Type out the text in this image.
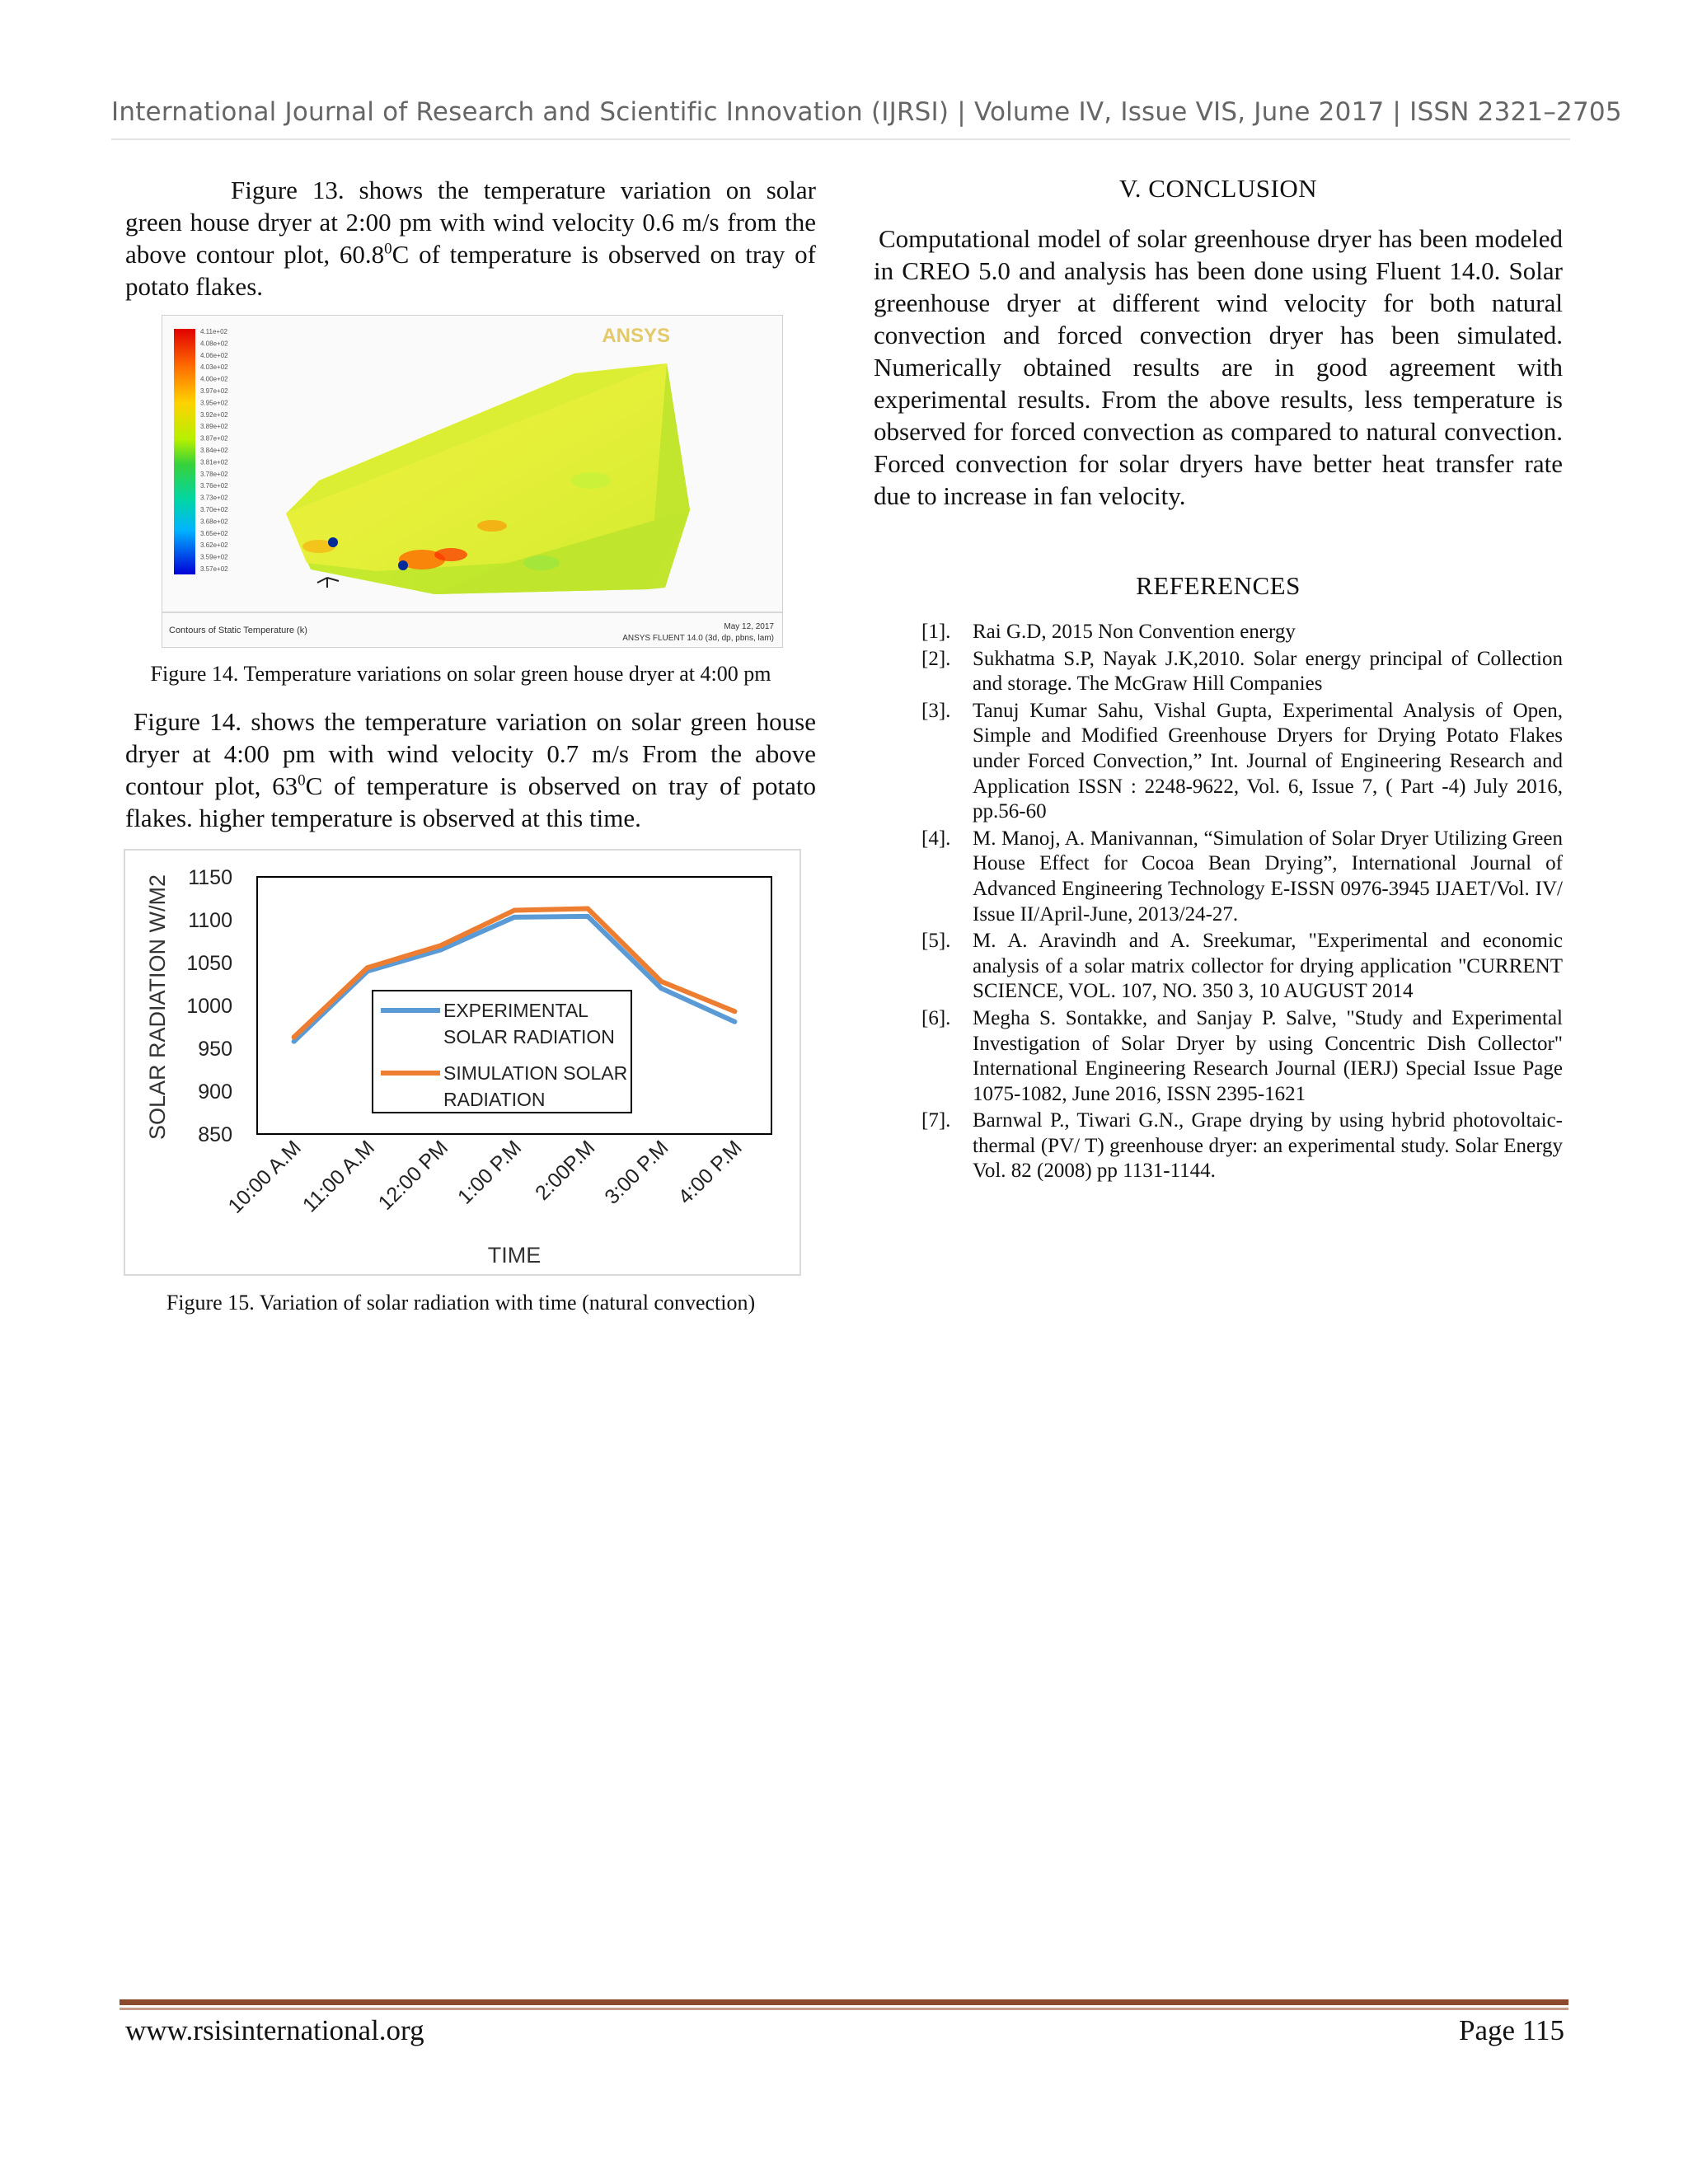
International Journal of Research and Scientific Innovation (IJRSI) | Volume IV, Issue VIS, June 2017 | ISSN 2321–2705

Figure 13. shows the temperature variation on solar green house dryer at 2:00 pm with wind velocity 0.6 m/s from the above contour plot, 60.8$^0$C of temperature is observed on tray of potato flakes.

4.11e+02
4.08e+02
4.06e+02
4.03e+02
4.00e+02
3.97e+02
3.95e+02
3.92e+02
3.89e+02
3.87e+02
3.84e+02
3.81e+02
3.78e+02
3.76e+02
3.73e+02
3.70e+02
3.68e+02
3.65e+02
3.62e+02
3.59e+02
3.57e+02
ANSYS
Contours of Static Temperature (k)	May 12, 2017
ANSYS FLUENT 14.0 (3d, dp, pbns, lam)
Figure 14. Temperature variations on solar green house dryer at 4:00 pm

Figure 14. shows the temperature variation on solar green house dryer at 4:00 pm with wind velocity 0.7 m/s From the above contour plot, $63^0C$ of temperature is observed on tray of potato flakes. higher temperature is observed at this time.

1150
1100
1050
1000
950
900
850
10:00 A.M
11:00 A.M
12:00 PM 1:00 P.M 2:00P.M 3:00 P.M 4:00 P.M
SOLAR RADIATION W/M2
TIME
EXPERIMENTAL SOLAR RADIATION
SIMULATION SOLAR RADIATION
Figure 15. Variation of solar radiation with time (natural convection)
V. CONCLUSION

Computational model of solar greenhouse dryer has been modeled in CREO 5.0 and analysis has been done using Fluent 14.0. Solar greenhouse dryer at different wind velocity for both natural convection and forced convection dryer has been simulated. Numerically obtained results are in good agreement with experimental results. From the above results, less temperature is observed for forced convection as compared to natural convection. Forced convection for solar dryers have better heat transfer rate due to increase in fan velocity.

REFERENCES
[1]. Rai G.D, 2015 Non Convention energy
[2]. Sukhatma S.P, Nayak J.K,2010. Solar energy principal of Collection and storage. The McGraw Hill Companies
[3]. Tanuj Kumar Sahu, Vishal Gupta, Experimental Analysis of Open, Simple and Modified Greenhouse Dryers for Drying Potato Flakes under Forced Convection,” Int. Journal of Engineering Research and Application ISSN : 2248-9622, Vol. 6, Issue 7, ( Part -4) July 2016, pp.56-60
[4]. M. Manoj, A. Manivannan, “Simulation of Solar Dryer Utilizing Green House Effect for Cocoa Bean Drying”, International Journal of Advanced Engineering Technology E-ISSN 0976-3945 IJAET/Vol. IV/ Issue II/April-June, 2013/24-27.
[5]. M. A. Aravindh and A. Sreekumar, "Experimental and economic analysis of a solar matrix collector for drying application "CURRENT SCIENCE, VOL. 107, NO. 350 3, 10 AUGUST 2014
[6]. Megha S. Sontakke, and Sanjay P. Salve, "Study and Experimental Investigation of Solar Dryer by using Concentric Dish Collector" International Engineering Research Journal (IERJ) Special Issue Page 1075-1082, June 2016, ISSN 2395-1621
[7]. Barnwal P., Tiwari G.N., Grape drying by using hybrid photovoltaic-thermal (PV/ T) greenhouse dryer: an experimental study. Solar Energy Vol. 82 (2008) pp 1131-1144.
www.rsisinternational.org	Page 115
